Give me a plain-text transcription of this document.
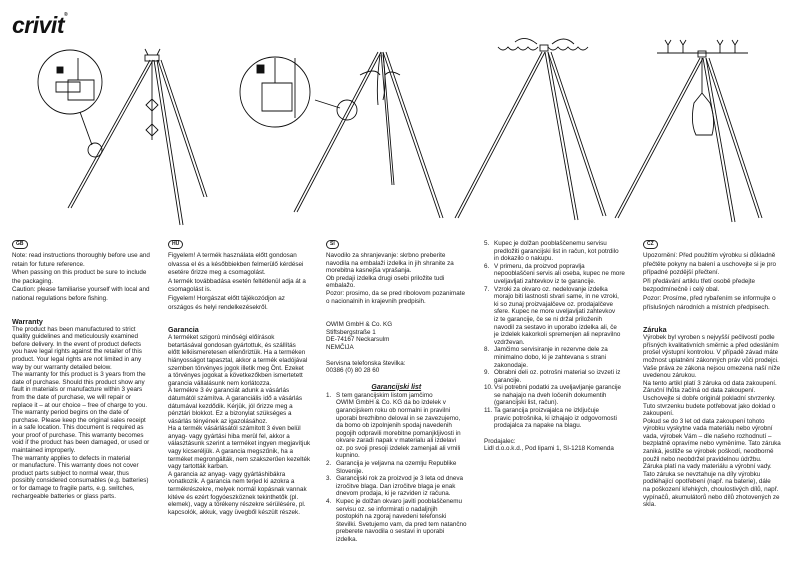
crivit®
GB
Note: read instructions thoroughly before use and
retain for future reference.
When passing on this product be sure to include
the packaging.
Caution: please familiarise yourself with local and
national regulations before fishing.
Warranty
The product has been manufactured to strict
quality guidelines and meticulously examined
before delivery. In the event of product defects
you have legal rights against the retailer of this
product. Your legal rights are not limited in any
way by our warranty detailed below.
The warranty for this product is 3 years from the
date of purchase. Should this product show any
fault in materials or manufacture within 3 years
from the date of purchase, we will repair or
replace it – at our choice – free of charge to you.
The warranty period begins on the date of
purchase. Please keep the original sales receipt
in a safe location. This document is required as
your proof of purchase. This warranty becomes
void if the product has been damaged, or used or
maintained improperly.
The warranty applies to defects in material
or manufacture. This warranty does not cover
product parts subject to normal wear, thus
possibly considered consumables (e.g. batteries)
or for damage to fragile parts, e.g. switches,
rechargeable batteries or glass parts.
HU
Figyelem! A termék használata előtt gondosan
olvassa el és a későbbiekben felmerülő kérdései
esetére őrizze meg a csomagolást.
A termék továbbadása esetén feltétlenül adja át a
csomagolást is.
Figyelem! Horgászat előtt tájékozódjon az
országos és helyi rendelkezésekről.
Garancia
A terméket szigorú minőségi előírások
betartásával gondosan gyártottuk, és szállítás
előtt lelkiismeretesen ellenőriztük. Ha a terméken
hiányosságot tapasztal, akkor a termék eladójával
szemben törvényes jogok illetik meg Önt. Ezeket
a törvényes jogokat a következőkben ismertetett
garancia vállalásunk nem korlátozza.
A termékre 3 év garanciát adunk a vásárlás
dátumától számítva. A garanciális idő a vásárlás
dátumával kezdődik. Kérjük, jól őrizze meg a
pénztári blokkot. Ez a bizonylat szükséges a
vásárlás tényének az igazolásához.
Ha a termék vásárlásától számított 3 éven belül
anyag- vagy gyártási hiba merül fel, akkor a
választásunk szerint a terméket ingyen megjavítjuk
vagy kicseréljük. A garancia megszűnik, ha a
terméket megrongálták, nem szakszerűen kezelték
vagy tartották karban.
A garancia az anyag- vagy gyártáshibákra
vonatkozik. A garancia nem terjed ki azokra a
termékrészekre, melyek normál kopásnak vannak
kitéve és ezért fogyóeszköznek tekinthetők (pl.
elemek), vagy a törékeny részekre sérülésére, pl.
kapcsolók, akkuk, vagy üvegből készült részek.
SI
Navodilo za shranjevanje: skrbno preberite
navodila na embalaži izdelka in jih shranite za
morebitna kasnejša vprašanja.
Ob predaji izdelka drugi osebi priložite tudi
embalažo.
Pozor: prosimo, da se pred ribolovom pozanimate
o nacionalnih in krajevnih predpisih.
OWIM GmbH & Co. KG
Stiftsbergstraße 1
DE-74167 Neckarsulm
NEMČIJA
Servisna telefonska številka:
00386 (0) 80 28 60
Garancijski list
1. S tem garancijskim listom jamčimo
OWIM GmbH & Co. KG da bo izdelek v
garancijskem roku ob normalni in pravilni
uporabi brezhibno deloval in se zavezujemo,
da bomo ob izpolnjenih spodaj navedenih
pogojih odpravili morebitne pomanjkljivosti in
okvare zaradi napak v materialu ali izdelavi
oz. po svoji presoji izdelek zamenjali ali vrnili
kupnino.
2. Garancija je veljavna na ozemlju Republike
Slovenije.
3. Garancijski rok za proizvod je 3 leta od dneva
izročitve blaga. Dan izročitve blaga je enak
dnevom prodaja, ki je razviden iz računa.
4. Kupec je dolžan okvaro javiti pooblaščenemu
servisu oz. se informirati o nadaljnjih
postopkih na zgoraj navedeni telefonski
številki. Svetujemo vam, da pred tem natančno
preberete navodila o sestavi in uporabi
izdelka.
5. Kupec je dolžan pooblaščenemu servisu
predložiti garancijski list in račun, kot potrdilo
in dokazilo o nakupu.
6. V primeru, da proizvod popravlja
nepooblaščeni servis ali oseba, kupec ne more
uveljavljati zahtevkov iz te garancije.
7. Vzroki za okvaro oz. nedelovanje izdelka
morajo biti lastnosti stvari same, in ne vzroki,
ki so zunaj proizvajalčeve oz. prodajalčeve
sfere. Kupec ne more uveljavljati zahtevkov
iz te garancije, če se ni držal priloženih
navodil za sestavo in uporabo izdelka ali, če
je izdelek kakorkoli spremenjen ali nepravilno
vzdrževan.
8. Jamčimo servisiranje in rezervne dele za
minimalno dobo, ki je zahtevana s strani
zakonodaje.
9. Obrabni deli oz. potrošni material so izvzeti iz
garancije.
10. Vsi potrebni podatki za uveljavljanje garancije
se nahajajo na dveh ločenih dokumentih
(garancijski list, račun).
11. Ta garancija proizvajalca ne izključuje
pravic potrošnika, ki izhajajo iz odgovornosti
prodajalca za napake na blagu.
Prodajalec:
Lidl d.o.o.k.d., Pod lipami 1, SI-1218 Komenda
CZ
Upozornění: Před použitím výrobku si důkladně
přečtěte pokyny na balení a uschovejte si je pro
případné pozdější přečtení.
Při předávání artiklu třetí osobě předejte
bezpodmínečně i celý obal.
Pozor: Prosíme, před rybařením se informujte o
příslušných národních a místních předpisech.
Záruka
Výrobek byl vyroben s nejvyšší pečlivostí podle
přísných kvalitativních směrnic a před odesláním
prošel výstupní kontrolou. V případě závad máte
možnost uplatnění zákonných práv vůči prodejci.
Vaše práva ze zákona nejsou omezena naší níže
uvedenou zárukou.
Na tento artikl platí 3 záruka od data zakoupení.
Záruční lhůta začíná od data zakoupení.
Uschovejte si dobře originál pokladní stvrzenky.
Tuto stvrzenku budete potřebovat jako doklad o
zakoupení.
Pokud se do 3 let od data zakoupení tohoto
výrobku vyskytne vada materiálu nebo výrobní
vada, výrobek Vám – dle našeho rozhodnutí –
bezplatně opravíme nebo vyměníme. Tato záruka
zaniká, jestliže se výrobek poškodí, neodborně
použil nebo neobdržel pravidelnou údržbu.
Záruka platí na vady materiálu a výrobní vady.
Tato záruka se nevztahuje na díly výrobku
podléhající opotřebení (např. na baterie), dále
na poškození křehkých, choulostivých dílů, např.
vypínačů, akumulátorů nebo dílů zhotovených ze
skla.
